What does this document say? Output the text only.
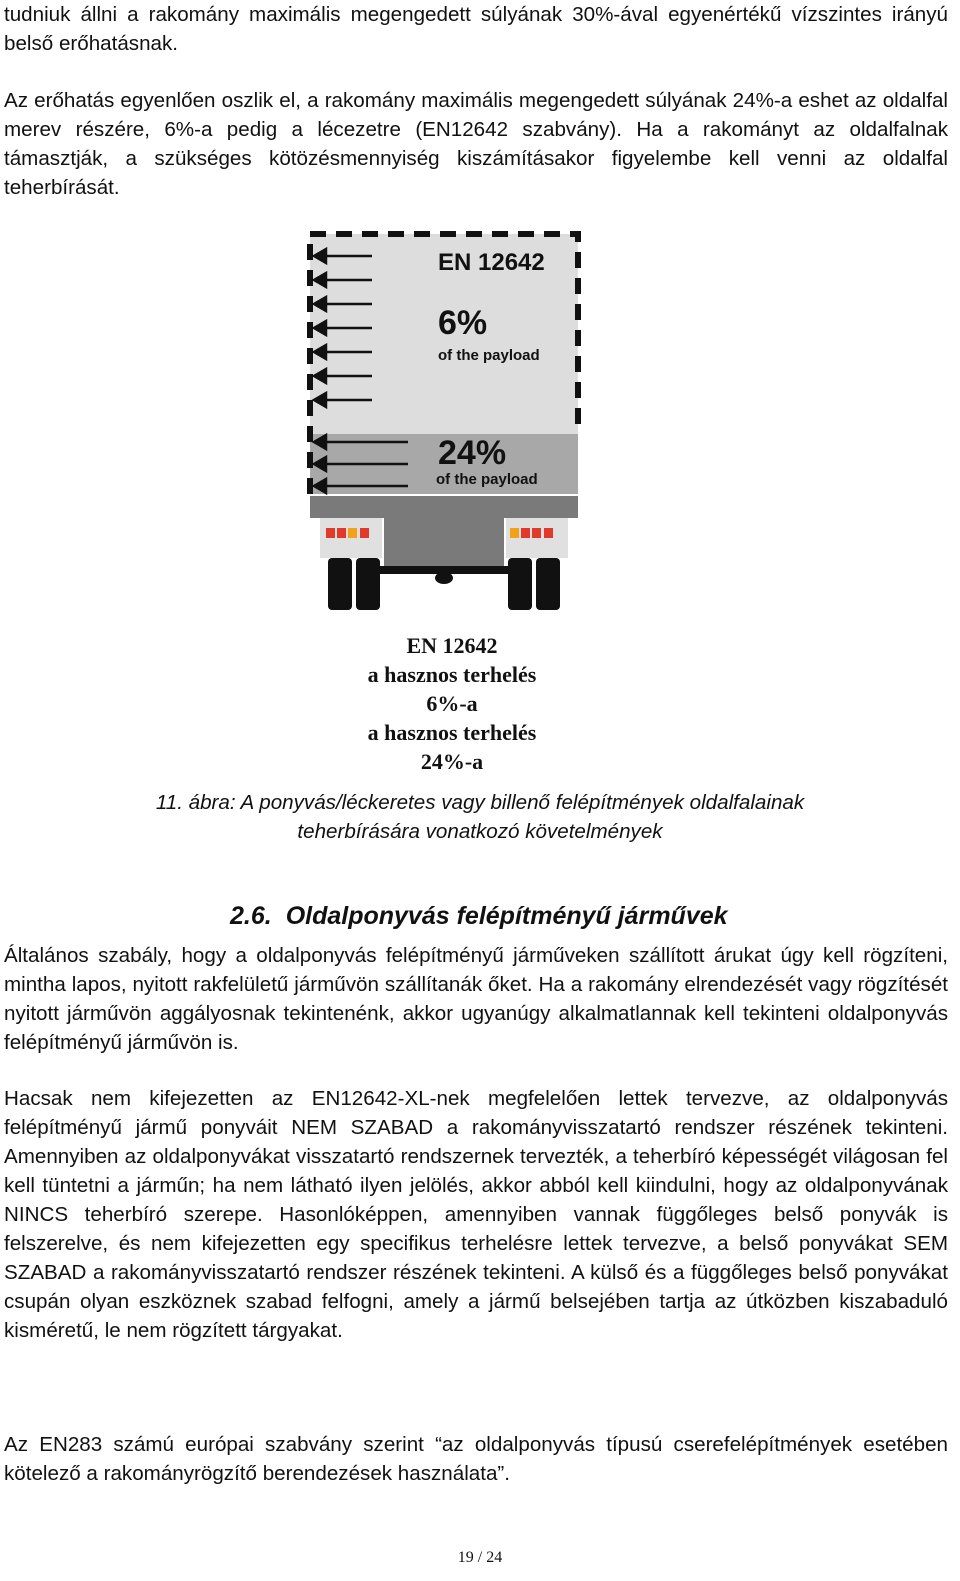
tudniuk állni a rakomány maximális megengedett súlyának 30%-ával egyenértékű vízszintes irányú belső erőhatásnak.

Az erőhatás egyenlően oszlik el, a rakomány maximális megengedett súlyának 24%-a eshet az oldalfal merev részére, 6%-a pedig a lécezetre (EN12642 szabvány). Ha a rakományt az oldalfalnak támasztják, a szükséges kötözésmennyiség kiszámításakor figyelembe kell venni az oldalfal teherbírását.

EN 12642
6%
of the payload
24%
of the payload
EN 12642
a hasznos terhelés
6%-a
a hasznos terhelés
24%-a
11. ábra: A ponyvás/léckeretes vagy billenő felépítmények oldalfalainak
teherbírására vonatkozó követelmények
2.6. Oldalponyvás felépítményű járművek

Általános szabály, hogy a oldalponyvás felépítményű járműveken szállított árukat úgy kell rögzíteni, mintha lapos, nyitott rakfelületű járművön szállítanák őket. Ha a rakomány elrendezését vagy rögzítését nyitott járművön aggályosnak tekintenénk, akkor ugyanúgy alkalmatlannak kell tekinteni oldalponyvás felépítményű járművön is.

Hacsak nem kifejezetten az EN12642-XL-nek megfelelően lettek tervezve, az oldalponyvás felépítményű jármű ponyváit NEM SZABAD a rakományvisszatartó rendszer részének tekinteni. Amennyiben az oldalponyvákat visszatartó rendszernek tervezték, a teherbíró képességét világosan fel kell tüntetni a járműn; ha nem látható ilyen jelölés, akkor abból kell kiindulni, hogy az oldalponyvának NINCS teherbíró szerepe. Hasonlóképpen, amennyiben vannak függőleges belső ponyvák is felszerelve, és nem kifejezetten egy specifikus terhelésre lettek tervezve, a belső ponyvákat SEM SZABAD a rakományvisszatartó rendszer részének tekinteni. A külső és a függőleges belső ponyvákat csupán olyan eszköznek szabad felfogni, amely a jármű belsejében tartja az útközben kiszabaduló kisméretű, le nem rögzített tárgyakat.

Az EN283 számú európai szabvány szerint “az oldalponyvás típusú cserefelépítmények esetében kötelező a rakományrögzítő berendezések használata”.

19 / 24
